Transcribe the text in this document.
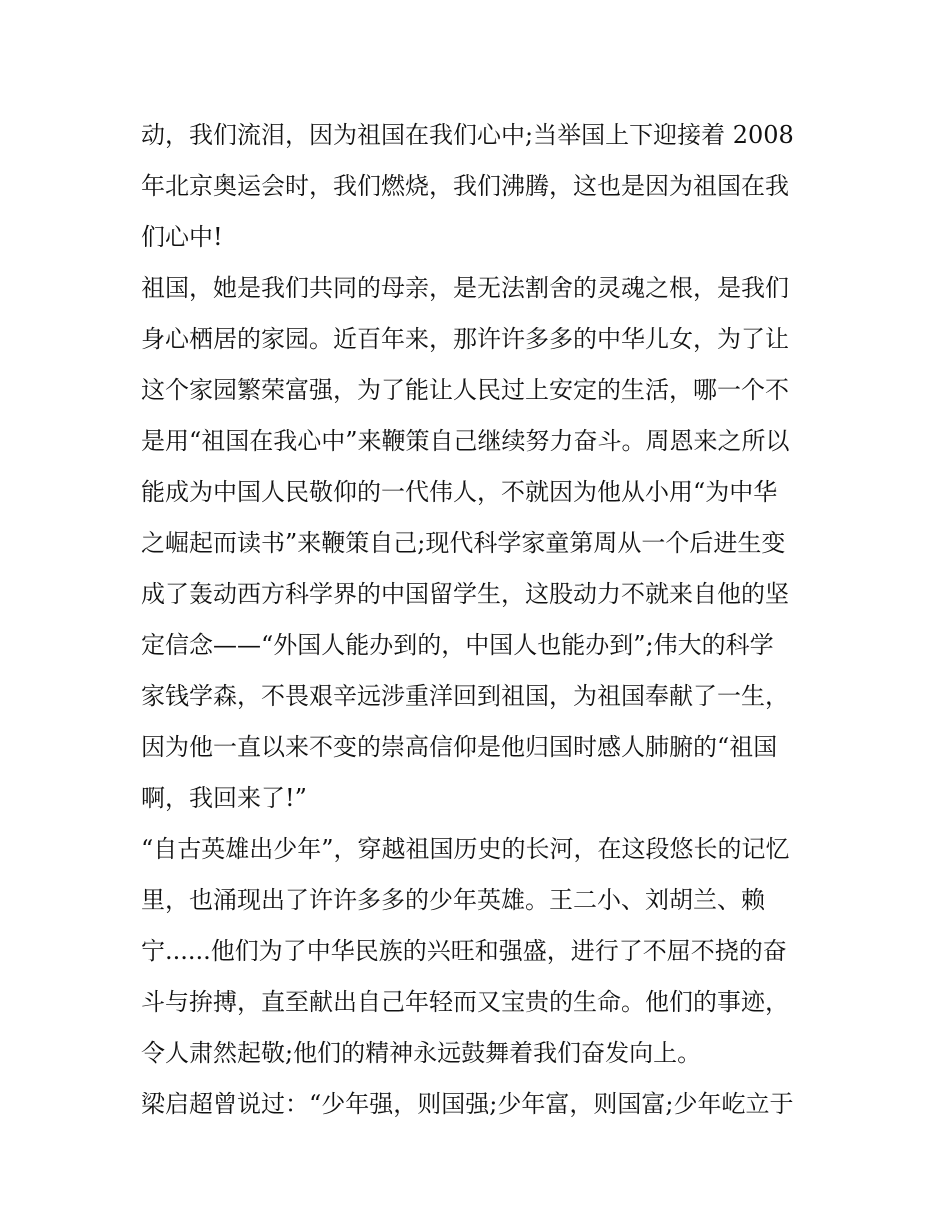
动，我们流泪，因为祖国在我们心中;当举国上下迎接着 2008
年北京奥运会时，我们燃烧，我们沸腾，这也是因为祖国在我
们心中!
祖国，她是我们共同的母亲，是无法割舍的灵魂之根，是我们
身心栖居的家园。近百年来，那许许多多的中华儿女，为了让
这个家园繁荣富强，为了能让人民过上安定的生活，哪一个不
是用“祖国在我心中”来鞭策自己继续努力奋斗。周恩来之所以
能成为中国人民敬仰的一代伟人，不就因为他从小用“为中华
之崛起而读书”来鞭策自己;现代科学家童第周从一个后进生变
成了轰动西方科学界的中国留学生，这股动力不就来自他的坚
定信念——“外国人能办到的，中国人也能办到”;伟大的科学
家钱学森，不畏艰辛远涉重洋回到祖国，为祖国奉献了一生，
因为他一直以来不变的崇高信仰是他归国时感人肺腑的“祖国
啊，我回来了!”
“自古英雄出少年”，穿越祖国历史的长河，在这段悠长的记忆
里，也涌现出了许许多多的少年英雄。王二小、刘胡兰、赖
宁......他们为了中华民族的兴旺和强盛，进行了不屈不挠的奋
斗与拚搏，直至献出自己年轻而又宝贵的生命。他们的事迹，
令人肃然起敬;他们的精神永远鼓舞着我们奋发向上。
梁启超曾说过：“少年强，则国强;少年富，则国富;少年屹立于
